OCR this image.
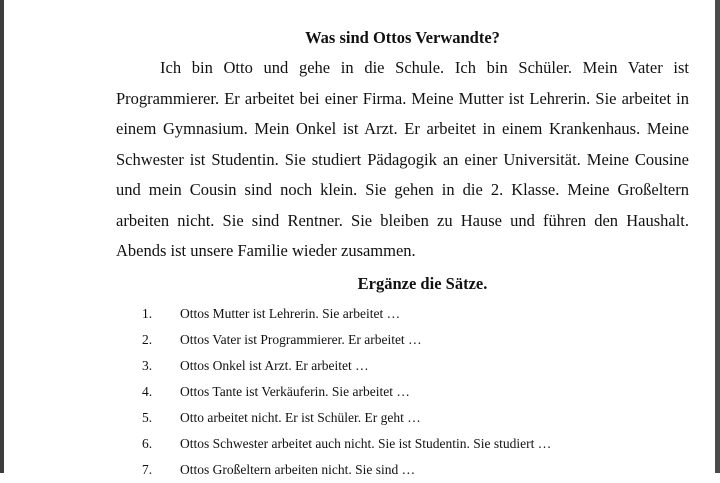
Was sind Ottos Verwandte?

Ich bin Otto und gehe in die Schule. Ich bin Schüler. Mein Vater ist Programmierer. Er arbeitet bei einer Firma. Meine Mutter ist Lehrerin. Sie arbeitet in einem Gymnasium. Mein Onkel ist Arzt. Er arbeitet in einem Krankenhaus. Meine Schwester ist Studentin. Sie studiert Pädagogik an einer Universität. Meine Cousine und mein Cousin sind noch klein. Sie gehen in die 2. Klasse. Meine Großeltern arbeiten nicht. Sie sind Rentner. Sie bleiben zu Hause und führen den Haushalt. Abends ist unsere Familie wieder zusammen.

Ergänze die Sätze.
1.	Ottos Mutter ist Lehrerin. Sie arbeitet …
2.	Ottos Vater ist Programmierer. Er arbeitet …
3.	Ottos Onkel ist Arzt. Er arbeitet …
4.	Ottos Tante ist Verkäuferin. Sie arbeitet …
5.	Otto arbeitet nicht. Er ist Schüler. Er geht …
6.	Ottos Schwester arbeitet auch nicht. Sie ist Studentin. Sie studiert …
7.	Ottos Großeltern arbeiten nicht. Sie sind …
